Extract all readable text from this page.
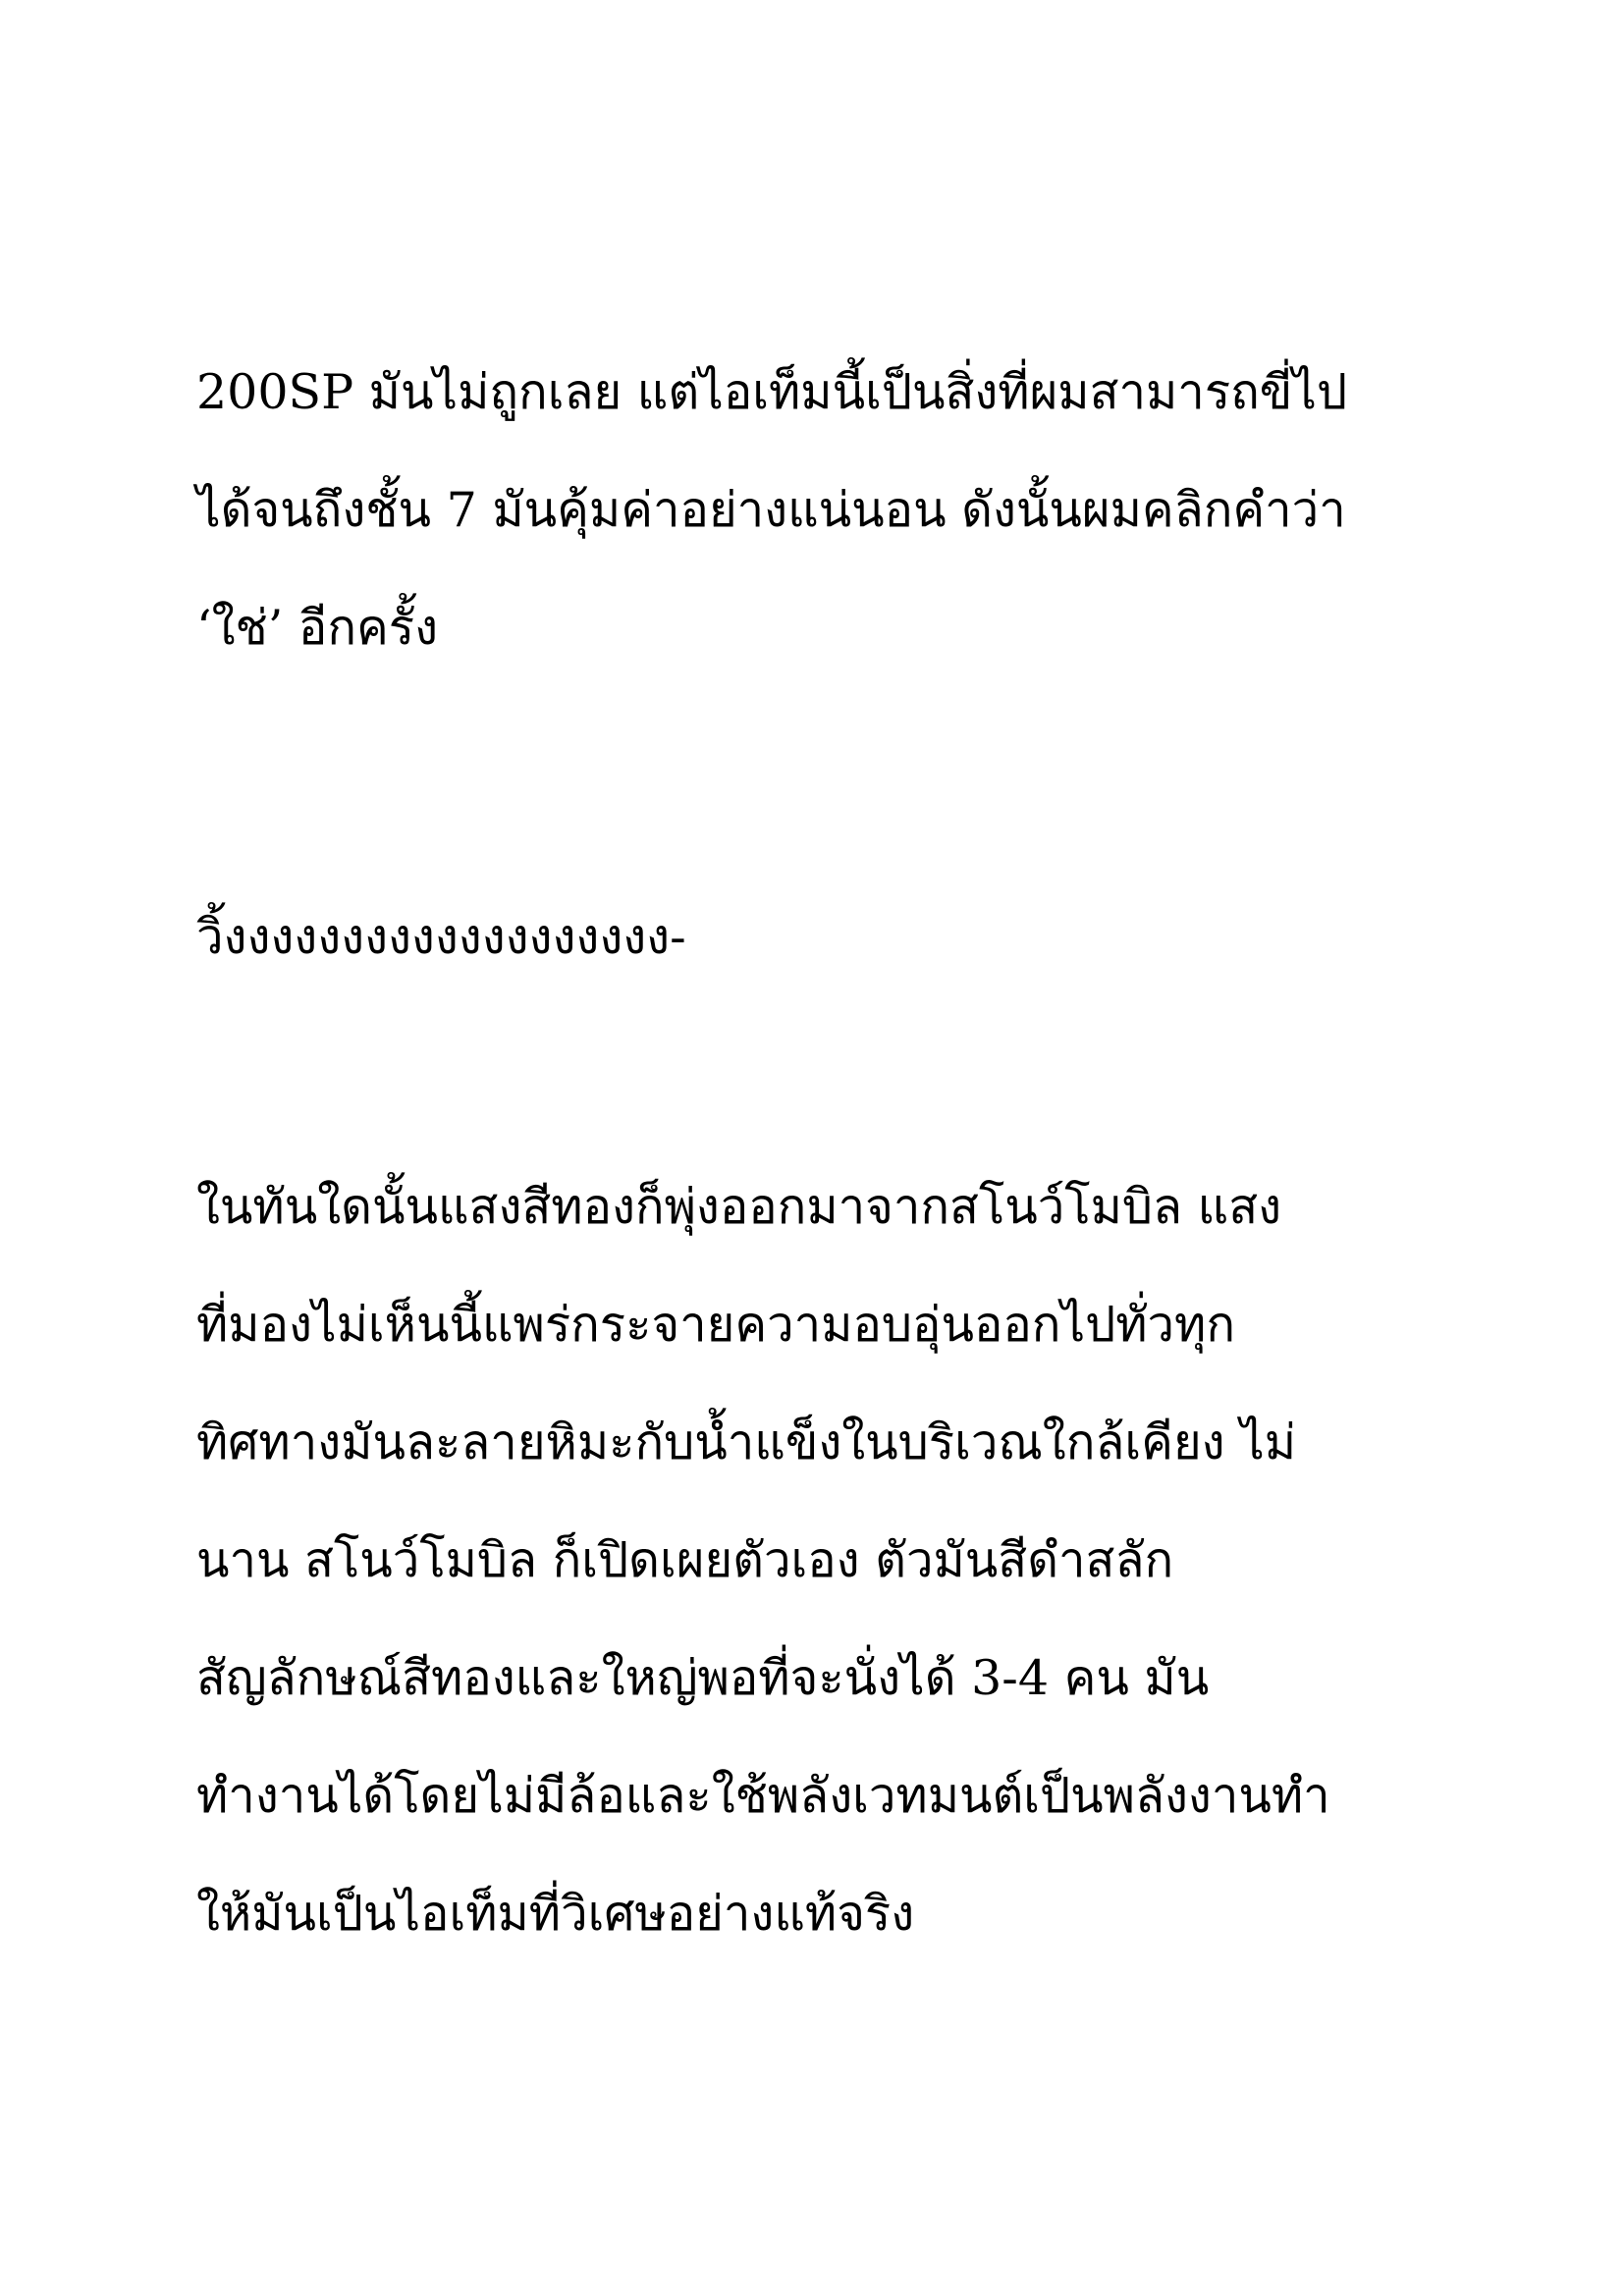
200SP มันไม่ถูกเลย แต่ไอเท็มนี้เป็นสิ่งที่ผมสามารถขี่ไป

ได้จนถึงชั้น 7 มันคุ้มค่าอย่างแน่นอน ดังนั้นผมคลิกคำว่า

‘ใช่’ อีกครั้ง

วิ้งงงงงงงงงงงงงงงงงงง-

ในทันใดนั้นแสงสีทองก็พุ่งออกมาจากสโนว์โมบิล แสง

ที่มองไม่เห็นนี้แพร่กระจายความอบอุ่นออกไปทั่วทุก

ทิศทางมันละลายหิมะกับน้ำแข็งในบริเวณใกล้เคียง ไม่

นาน สโนว์โมบิล ก็เปิดเผยตัวเอง ตัวมันสีดำสลัก

สัญลักษณ์สีทองและใหญ่พอที่จะนั่งได้ 3-4 คน มัน

ทำงานได้โดยไม่มีล้อและใช้พลังเวทมนต์เป็นพลังงานทำ

ให้มันเป็นไอเท็มที่วิเศษอย่างแท้จริง
